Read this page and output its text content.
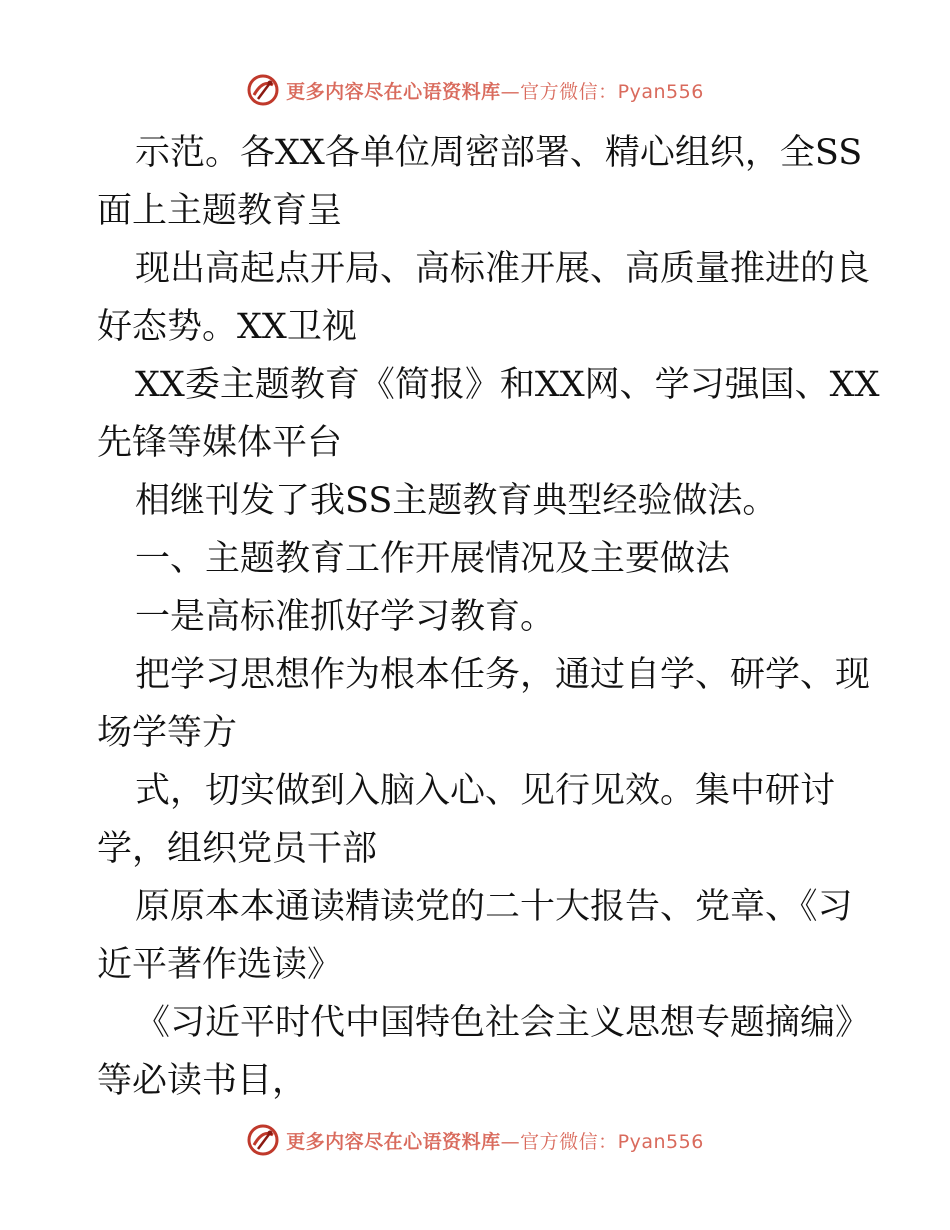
更多内容尽在心语资料库—官方微信：Pyan556
示范。各XX各单位周密部署、精心组织，全SS
面上主题教育呈
现出高起点开局、高标准开展、高质量推进的良
好态势。XX卫视
XX委主题教育《简报》和XX网、学习强国、XX
先锋等媒体平台
相继刊发了我SS主题教育典型经验做法。
一、主题教育工作开展情况及主要做法
一是高标准抓好学习教育。
把学习思想作为根本任务，通过自学、研学、现
场学等方
式，切实做到入脑入心、见行见效。集中研讨
学，组织党员干部
原原本本通读精读党的二十大报告、党章、《习
近平著作选读》
《习近平时代中国特色社会主义思想专题摘编》
等必读书目，
更多内容尽在心语资料库—官方微信：Pyan556
